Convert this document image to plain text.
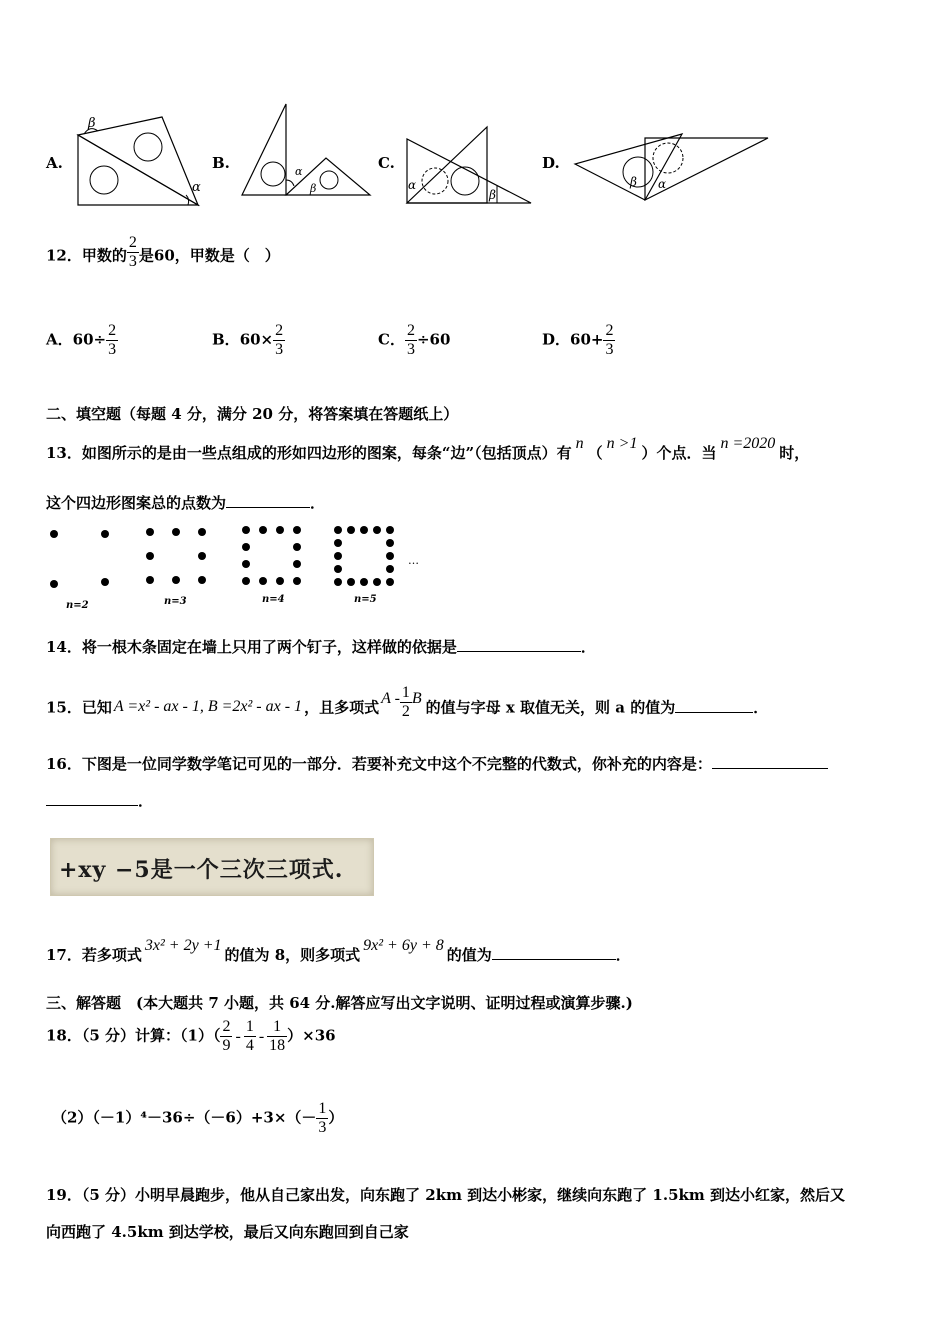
A.
β
α
B.	α
β
C.
α
β
D.
β α
12．甲数的 $\frac{2}{3}$ 是60，甲数是（　）
A．$60\div \frac{2}{3}$	B．$60\times \frac{2}{3}$	C． $\frac{2}{3} \div 60$	D．$60+ \frac{2}{3}$
二、填空题（每题 4 分，满分 20 分，将答案填在答题纸上）
13．如图所示的是由一些点组成的形如四边形的图案，每条“边”（包括顶点）有n（n >1）个点．当n =2020时，
这个四边形图案总的点数为	．
…
n=2	n=3	n=4	n=5
14．将一根木条固定在墙上只用了两个钉子，这样做的依据是	．
15．已知 A =x² - ax - 1, B =2x² - ax - 1 ，且多项式A - $\frac{1}{2}$ B的值与字母 x 取值无关，则 a 的值为	．
16．下图是一位同学数学笔记可见的一部分．若要补充文中这个不完整的代数式，你补充的内容是：
．
+xy −5是一个三次三项式.
17．若多项式3x² + 2y +1的值为 8，则多项式9x² + 6y + 8的值为	．
三、解答题　(本大题共 7 小题，共 64 分.解答应写出文字说明、证明过程或演算步骤.)
18．（5 分）计算：$(1)( \frac{2}{9} - \frac{1}{4} - \frac{1}{18} )\times 36$
$(2)(-1)^4-36\div(-6)+3\times(- \frac{1}{3}$ ）
19．（5 分）小明早晨跑步，他从自己家出发，向东跑了 2km 到达小彬家，继续向东跑了 1.5km 到达小红家，然后又
向西跑了 4.5km 到达学校，最后又向东跑回到自己家
